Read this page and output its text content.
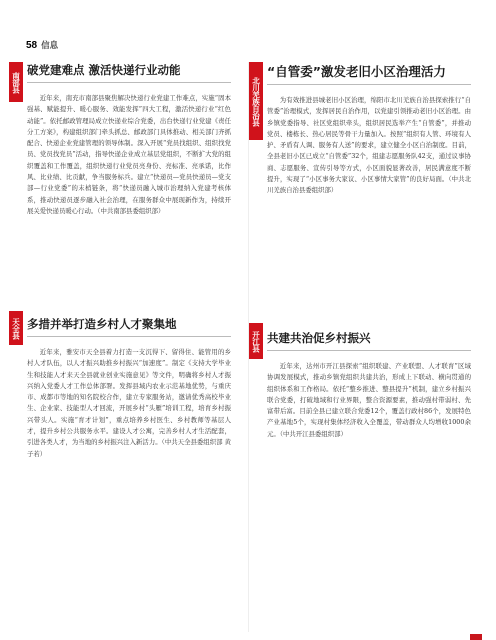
58 信息
南部县
破党建难点 激活快递行业动能
近年来，南充市南部县聚焦解决快递行业党建工作难点，实施“固本强基、赋能提升、暖心服务、效能发挥”四大工程，激活快递行业“红色动能”。依托邮政管理局成立快递业综合党委，出台快递行业党建《责任分工方案》，构建组织部门牵头抓总、邮政部门具体推动、相关部门齐抓配合、快递企业党建管理的领导体制。深入开展“党员找组织、组织找党员、党员找党员”活动，指导快递企业成立基层党组织，不断扩大党的组织覆盖和工作覆盖，组织快递行业党员亮身份、亮标准、亮承诺，比作风、比业绩、比贡献，争当服务标兵。建立“快递员—党员快递员—党支部—行业党委”的末梢链条，将“快递员融入城市治理纳入党建考核体系，推动快递员逐步融入社会治理，在服务群众中展现新作为，持续开展关爱快递员暖心行动。（中共南部县委组织部）
天全县 多措并举打造乡村人才聚集地
近年来，雅安市天全县着力打造一支沉得下、留得住、能管用的乡村人才队伍，以人才振兴助推乡村振兴“加速度”。制定《支持大学毕业生和技能人才来天全县就业创业实施意见》等文件，明确将乡村人才振兴纳入党委人才工作总体部署。发挥县域内农业示范基地优势，与重庆市、成都市等地的知名院校合作，建立专家服务站，邀请优秀高校毕业生、企业家、技能型人才回流，开展乡村“头雁”培训工程，培育乡村振兴带头人。实施“育才计划”，重点培养乡村医生、乡村教师等基层人才，提升乡村公共服务水平。建设人才公寓，完善乡村人才生活配套，引进各类人才，为当地的乡村振兴注入新活力。（中共天全县委组织部 黄子若）
北川羌族自治县
“自管委”激发老旧小区治理活力
为有效推进县城老旧小区治理，绵阳市北川羌族自治县探索推行“自管委”治理模式，发挥居民自治作用，以党建引领推动老旧小区治理。由乡镇党委指导、社区党组织牵头，组织居民选举产生“自管委”，并推动党员、楼栋长、热心居民等骨干力量加入。按照“组织有人管、环境有人护、矛盾有人调、服务有人送”的要求，建立健全小区自治制度。目前，全县老旧小区已成立“自管委”32个，组建志愿服务队42支，通过议事协商、志愿服务、宣传引导等方式，小区面貌显著改善，居民满意度不断提升，实现了“小区事务大家议、小区事情大家管”的良好局面。（中共北川羌族自治县委组织部）
开江县 共建共治促乡村振兴
近年来，达州市开江县探索“组织联建、产业联盟、人才联育”区域协调发展模式，推动乡镇党组织共建共治，形成上下联动、横向贯通的组织体系和工作格局。依托“整乡推进、整县提升”机制，建立乡村振兴联合党委，打破地域和行业界限，整合资源要素，推动强村带弱村、先富带后富。目前全县已建立联合党委12个，覆盖行政村86个，发展特色产业基地5个，实现村集体经济收入全覆盖，带动群众人均增收1000余元。（中共开江县委组织部）
